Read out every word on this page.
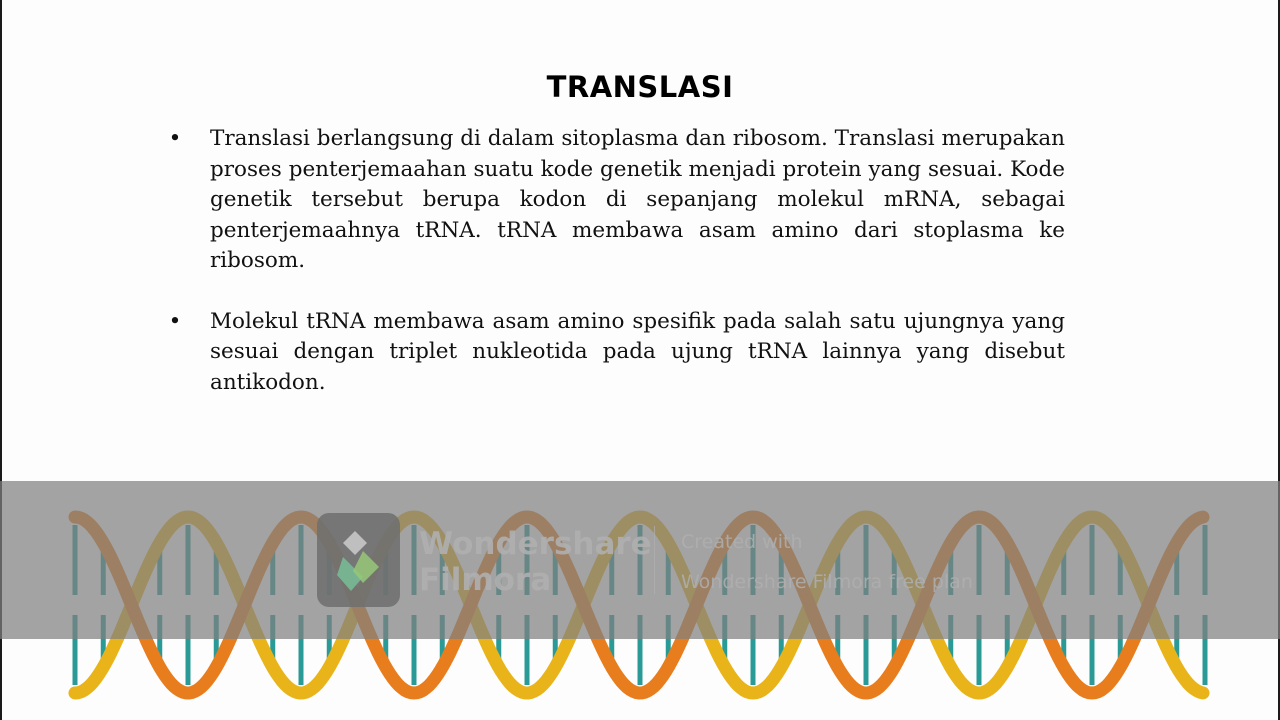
TRANSLASI
• Translasi berlangsung di dalam sitoplasma dan ribosom. Translasi merupakan proses penterjemaahan suatu kode genetik menjadi protein yang sesuai. Kode genetik tersebut berupa kodon di sepanjang molekul mRNA, sebagai penterjemaahnya tRNA. tRNA membawa asam amino dari stoplasma ke ribosom.
• Molekul tRNA membawa asam amino spesifik pada salah satu ujungnya yang sesuai dengan triplet nukleotida pada ujung tRNA lainnya yang disebut antikodon.
Wondershare
Filmora
Created with
Wondershare Filmora free plan
